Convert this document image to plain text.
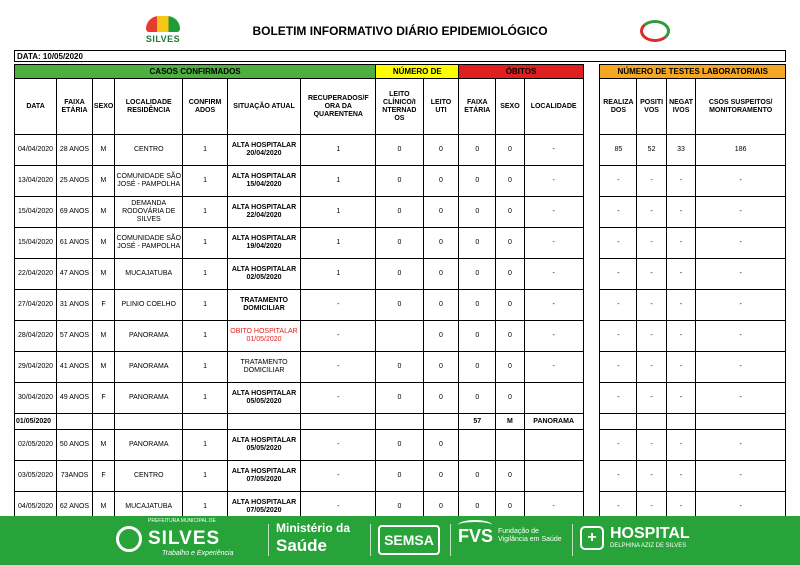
SILVES
BOLETIM INFORMATIVO DIÁRIO EPIDEMIOLÓGICO
DATA: 10/05/2020
CASOS CONFIRMADOS							NÚMERO DE		ÓBITOS				NÚMERO DE TESTES LABORATORIAIS			
DATA	FAIXA ETÁRIA	SEXO	LOCALIDADE RESIDÊNCIA	CONFIRM ADOS	SITUAÇÃO ATUAL	RECUPERADOS/F ORA DA QUARENTENA	LEITO CLÍNICO/I NTERNAD OS	LEITO UTI	FAIXA ETÁRIA	SEXO	LOCALIDADE		REALIZA DOS	POSITI VOS	NEGAT IVOS	CSOS SUSPEITOS/ MONITORAMENTO
04/04/2020	28 ANOS	M	CENTRO	1	ALTA HOSPITALAR 20/04/2020	1	0	0	0	0	-		85	52	33	186
13/04/2020	25 ANOS	M	COMUNIDADE SÃO JOSÉ - PAMPOLHA	1	ALTA HOSPITALAR 15/04/2020	1	0	0	0	0	-		-	-	-	-
15/04/2020	69 ANOS	M	DEMANDA RODOVÁRIA DE SILVES	1	ALTA HOSPITALAR 22/04/2020	1	0	0	0	0	-		-	-	-	-
15/04/2020	61 ANOS	M	COMUNIDADE SÃO JOSÉ - PAMPOLHA	1	ALTA HOSPITALAR 19/04/2020	1	0	0	0	0	-		-	-	-	-
22/04/2020	47 ANOS	M	MUCAJATUBA	1	ALTA HOSPITALAR 02/05/2020	1	0	0	0	0	-		-	-	-	-
27/04/2020	31 ANOS	F	PLINIO COELHO	1	TRATAMENTO DOMICILIAR	-	0	0	0	0	-		-	-	-	-
28/04/2020	57 ANOS	M	PANORAMA	1	OBITO HOSPITALAR 01/05/2020	-		0	0	0	-		-	-	-	-
29/04/2020	41 ANOS	M	PANORAMA	1	TRATAMENTO DOMICILIAR	-	0	0	0	0	-		-	-	-	-
30/04/2020	49 ANOS	F	PANORAMA	1	ALTA HOSPITALAR 05/05/2020	-	0	0	0	0			-	-	-	-
01/05/2020									57	M	PANORAMA					
02/05/2020	50 ANOS	M	PANORAMA	1	ALTA HOSPITALAR 05/05/2020	-	0	0					-	-	-	-
03/05/2020	73ANOS	F	CENTRO	1	ALTA HOSPITALAR 07/05/2020	-	0	0	0	0			-	-	-	-
04/05/2020	62 ANOS	M	MUCAJATUBA	1	ALTA HOSPITALAR 07/05/2020	-	0	0	0	0	-		-	-	-	-
PREFEITURA MUNICIPAL DE
SILVES
Trabalho e Experiência
Ministério da
Saúde	SEMSA	FVS Fundação de Vigilância em Saúde	+ HOSPITAL
DELPHINA AZIZ DE SILVES
